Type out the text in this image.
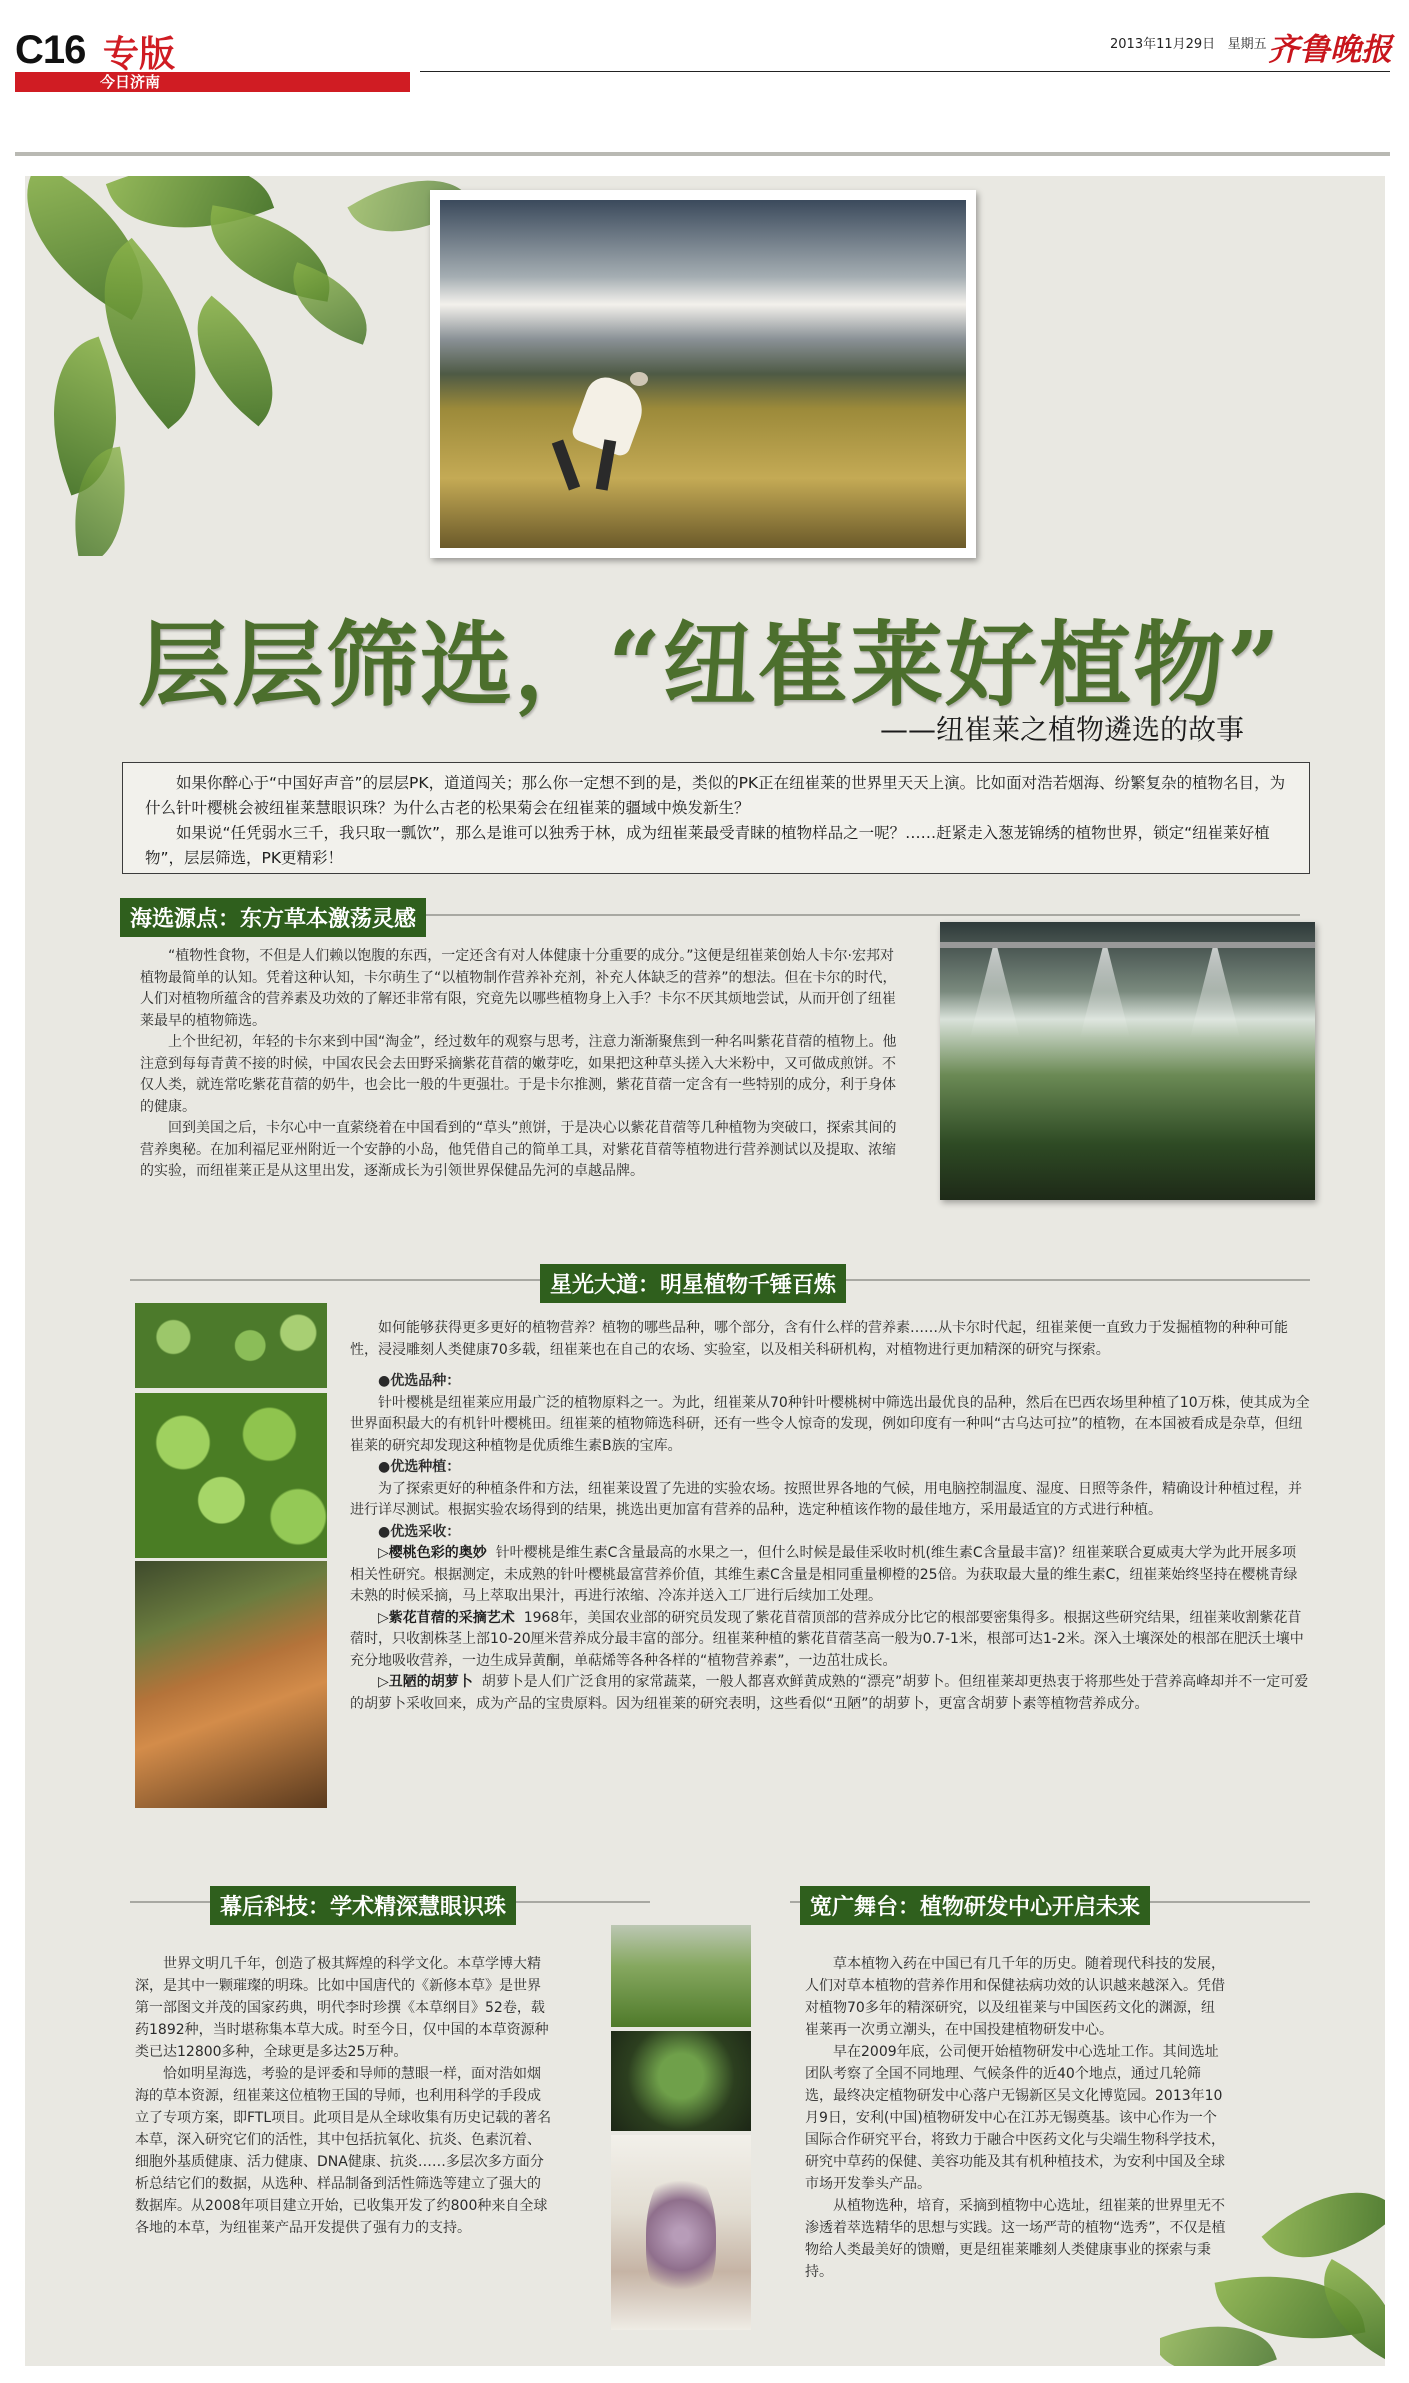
C16 专版
今日济南
2013年11月29日 星期五 齐鲁晚报
层层筛选，“纽崔莱好植物”
——纽崔莱之植物遴选的故事

如果你醉心于“中国好声音”的层层PK，道道闯关；那么你一定想不到的是，类似的PK正在纽崔莱的世界里天天上演。比如面对浩若烟海、纷繁复杂的植物名目，为什么针叶樱桃会被纽崔莱慧眼识珠？为什么古老的松果菊会在纽崔莱的疆域中焕发新生？

如果说“任凭弱水三千，我只取一瓢饮”，那么是谁可以独秀于林，成为纽崔莱最受青睐的植物样品之一呢？……赶紧走入葱茏锦绣的植物世界，锁定“纽崔莱好植物”，层层筛选，PK更精彩！

海选源点：东方草本激荡灵感

“植物性食物，不但是人们赖以饱腹的东西，一定还含有对人体健康十分重要的成分。”这便是纽崔莱创始人卡尔·宏邦对植物最简单的认知。凭着这种认知，卡尔萌生了“以植物制作营养补充剂，补充人体缺乏的营养”的想法。但在卡尔的时代，人们对植物所蕴含的营养素及功效的了解还非常有限，究竟先以哪些植物身上入手？卡尔不厌其烦地尝试，从而开创了纽崔莱最早的植物筛选。

上个世纪初，年轻的卡尔来到中国“淘金”，经过数年的观察与思考，注意力渐渐聚焦到一种名叫紫花苜蓿的植物上。他注意到每每青黄不接的时候，中国农民会去田野采摘紫花苜蓿的嫩芽吃，如果把这种草头搓入大米粉中，又可做成煎饼。不仅人类，就连常吃紫花苜蓿的奶牛，也会比一般的牛更强壮。于是卡尔推测，紫花苜蓿一定含有一些特别的成分，利于身体的健康。

回到美国之后，卡尔心中一直萦绕着在中国看到的“草头”煎饼，于是决心以紫花苜蓿等几种植物为突破口，探索其间的营养奥秘。在加利福尼亚州附近一个安静的小岛，他凭借自己的简单工具，对紫花苜蓿等植物进行营养测试以及提取、浓缩的实验，而纽崔莱正是从这里出发，逐渐成长为引领世界保健品先河的卓越品牌。

星光大道：明星植物千锤百炼

如何能够获得更多更好的植物营养？植物的哪些品种，哪个部分，含有什么样的营养素……从卡尔时代起，纽崔莱便一直致力于发掘植物的种种可能性，浸浸雕刻人类健康70多载，纽崔莱也在自己的农场、实验室，以及相关科研机构，对植物进行更加精深的研究与探索。

●优选品种：

针叶樱桃是纽崔莱应用最广泛的植物原料之一。为此，纽崔莱从70种针叶樱桃树中筛选出最优良的品种，然后在巴西农场里种植了10万株，使其成为全世界面积最大的有机针叶樱桃田。纽崔莱的植物筛选科研，还有一些令人惊奇的发现，例如印度有一种叫“古乌达可拉”的植物，在本国被看成是杂草，但纽崔莱的研究却发现这种植物是优质维生素B族的宝库。

●优选种植：

为了探索更好的种植条件和方法，纽崔莱设置了先进的实验农场。按照世界各地的气候，用电脑控制温度、湿度、日照等条件，精确设计种植过程，并进行详尽测试。根据实验农场得到的结果，挑选出更加富有营养的品种，选定种植该作物的最佳地方，采用最适宜的方式进行种植。

●优选采收：

▷樱桃色彩的奥妙 针叶樱桃是维生素C含量最高的水果之一，但什么时候是最佳采收时机(维生素C含量最丰富)？纽崔莱联合夏威夷大学为此开展多项相关性研究。根据测定，未成熟的针叶樱桃最富营养价值，其维生素C含量是相同重量柳橙的25倍。为获取最大量的维生素C，纽崔莱始终坚持在樱桃青绿未熟的时候采摘，马上萃取出果汁，再进行浓缩、冷冻并送入工厂进行后续加工处理。

▷紫花苜蓿的采摘艺术 1968年，美国农业部的研究员发现了紫花苜蓿顶部的营养成分比它的根部要密集得多。根据这些研究结果，纽崔莱收割紫花苜蓿时，只收割株茎上部10-20厘米营养成分最丰富的部分。纽崔莱种植的紫花苜蓿茎高一般为0.7-1米，根部可达1-2米。深入土壤深处的根部在肥沃土壤中充分地吸收营养，一边生成异黄酮，单萜烯等各种各样的“植物营养素”，一边茁壮成长。

▷丑陋的胡萝卜 胡萝卜是人们广泛食用的家常蔬菜，一般人都喜欢鲜黄成熟的“漂亮”胡萝卜。但纽崔莱却更热衷于将那些处于营养高峰却并不一定可爱的胡萝卜采收回来，成为产品的宝贵原料。因为纽崔莱的研究表明，这些看似“丑陋”的胡萝卜，更富含胡萝卜素等植物营养成分。

幕后科技：学术精深慧眼识珠

世界文明几千年，创造了极其辉煌的科学文化。本草学博大精深，是其中一颗璀璨的明珠。比如中国唐代的《新修本草》是世界第一部图文并茂的国家药典，明代李时珍撰《本草纲目》52卷，载药1892种，当时堪称集本草大成。时至今日，仅中国的本草资源种类已达12800多种，全球更是多达25万种。

恰如明星海选，考验的是评委和导师的慧眼一样，面对浩如烟海的草本资源，纽崔莱这位植物王国的导师，也利用科学的手段成立了专项方案，即FTL项目。此项目是从全球收集有历史记载的著名本草，深入研究它们的活性，其中包括抗氧化、抗炎、色素沉着、细胞外基质健康、活力健康、DNA健康、抗炎……多层次多方面分析总结它们的数据，从选种、样品制备到活性筛选等建立了强大的数据库。从2008年项目建立开始，已收集开发了约800种来自全球各地的本草，为纽崔莱产品开发提供了强有力的支持。

宽广舞台：植物研发中心开启未来

草本植物入药在中国已有几千年的历史。随着现代科技的发展，人们对草本植物的营养作用和保健祛病功效的认识越来越深入。凭借对植物70多年的精深研究，以及纽崔莱与中国医药文化的渊源，纽崔莱再一次勇立潮头，在中国投建植物研发中心。

早在2009年底，公司便开始植物研发中心选址工作。其间选址团队考察了全国不同地理、气候条件的近40个地点，通过几轮筛选，最终决定植物研发中心落户无锡新区吴文化博览园。2013年10月9日，安利(中国)植物研发中心在江苏无锡奠基。该中心作为一个国际合作研究平台，将致力于融合中医药文化与尖端生物科学技术，研究中草药的保健、美容功能及其有机种植技术，为安利中国及全球市场开发拳头产品。

从植物选种，培育，采摘到植物中心选址，纽崔莱的世界里无不渗透着萃选精华的思想与实践。这一场严苛的植物“选秀”，不仅是植物给人类最美好的馈赠，更是纽崔莱雕刻人类健康事业的探索与秉持。
